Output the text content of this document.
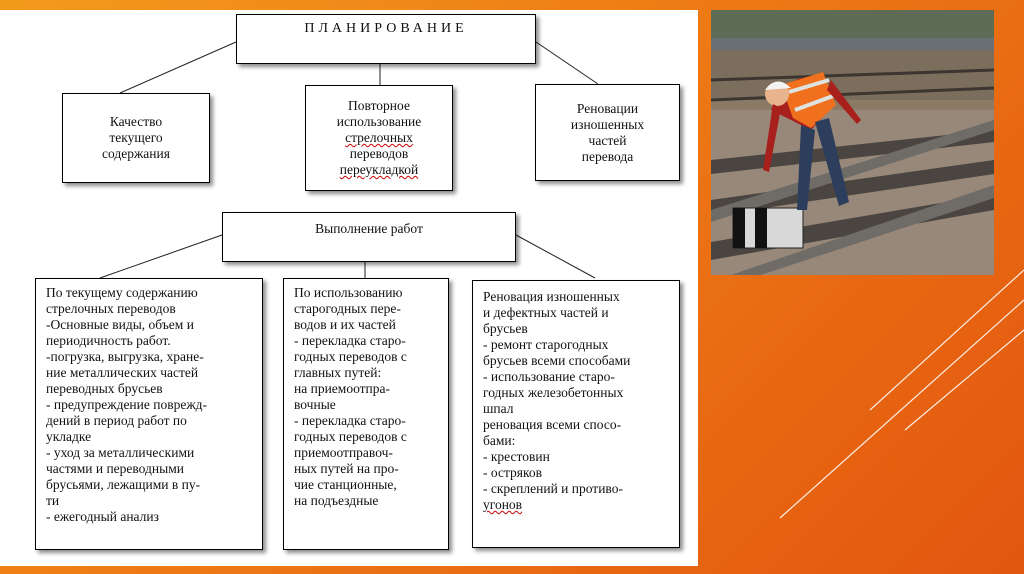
ПЛАНИРОВАНИЕ
Качество
текущего
содержания
Повторное
использование
стрелочных
переводов
переукладкой
Реновации
изношенных
частей
перевода
Выполнение работ
По текущему содержанию
стрелочных переводов
-Основные виды, объем и
периодичность работ.
-погрузка, выгрузка, хране-
ние металлических частей
переводных брусьев
- предупреждение поврежд-
дений в период работ по
укладке
- уход за металлическими
частями и переводными
брусьями, лежащими в пу-
ти
- ежегодный анализ
По использованию
старогодных пере-
водов и их частей
- перекладка старо-
годных переводов с
главных путей:
на приемоотпра-
вочные
- перекладка старо-
годных переводов с
приемоотправоч-
ных путей на про-
чие станционные,
на подъездные
Реновация изношенных
и дефектных частей и
брусьев
- ремонт старогодных
брусьев всеми способами
- использование старо-
годных железобетонных
шпал
реновация всеми спосо-
бами:
- крестовин
- остряков
- скреплений и противо-
угонов
